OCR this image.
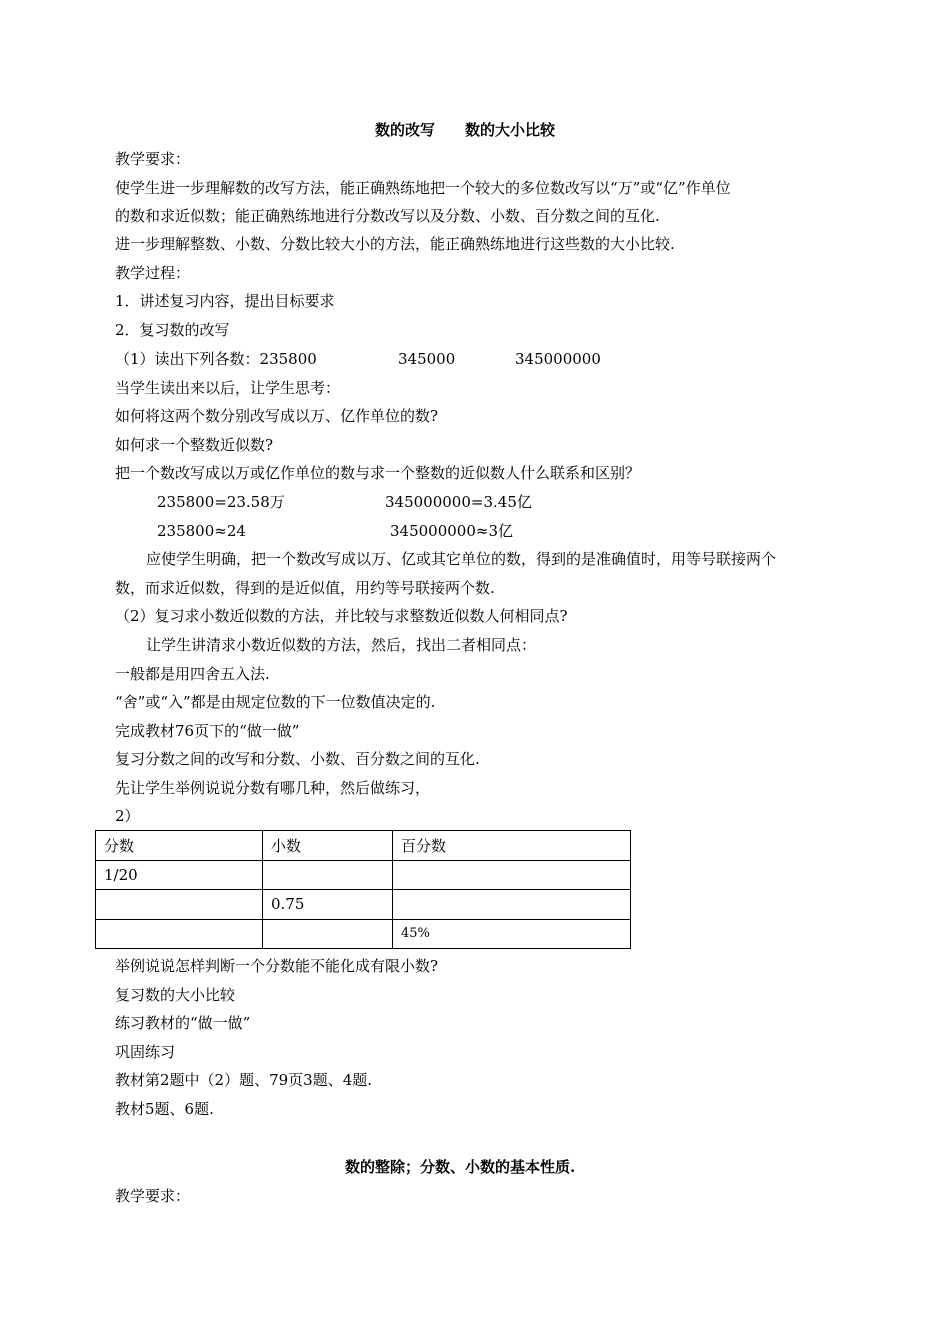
数的改写　　数的大小比较
教学要求：
使学生进一步理解数的改写方法，能正确熟练地把一个较大的多位数改写以“万”或“亿”作单位
的数和求近似数；能正确熟练地进行分数改写以及分数、小数、百分数之间的互化.
进一步理解整数、小数、分数比较大小的方法，能正确熟练地进行这些数的大小比较.
教学过程：
1．讲述复习内容，提出目标要求
2．复习数的改写
（1）读出下列各数：235800	345000	345000000
当学生读出来以后，让学生思考：
如何将这两个数分别改写成以万、亿作单位的数?
如何求一个整数近似数?
把一个数改写成以万或亿作单位的数与求一个整数的近似数人什么联系和区别？
235800=23.58万	345000000=3.45亿
235800≈24	345000000≈3亿
应使学生明确，把一个数改写成以万、亿或其它单位的数，得到的是准确值时，用等号联接两个
数，而求近似数，得到的是近似值，用约等号联接两个数.
（2）复习求小数近似数的方法，并比较与求整数近似数人何相同点?
让学生讲清求小数近似数的方法，然后，找出二者相同点：
一般都是用四舍五入法.
“舍”或“入”都是由规定位数的下一位数值决定的.
完成教材76页下的“做一做”
复习分数之间的改写和分数、小数、百分数之间的互化.
先让学生举例说说分数有哪几种，然后做练习，
2）
分数	小数	百分数
1/20		
	0.75	
		45%
举例说说怎样判断一个分数能不能化成有限小数?
复习数的大小比较
练习教材的“做一做”
巩固练习
教材第2题中（2）题、79页3题、4题.
教材5题、6题.
数的整除；分数、小数的基本性质.
教学要求：
